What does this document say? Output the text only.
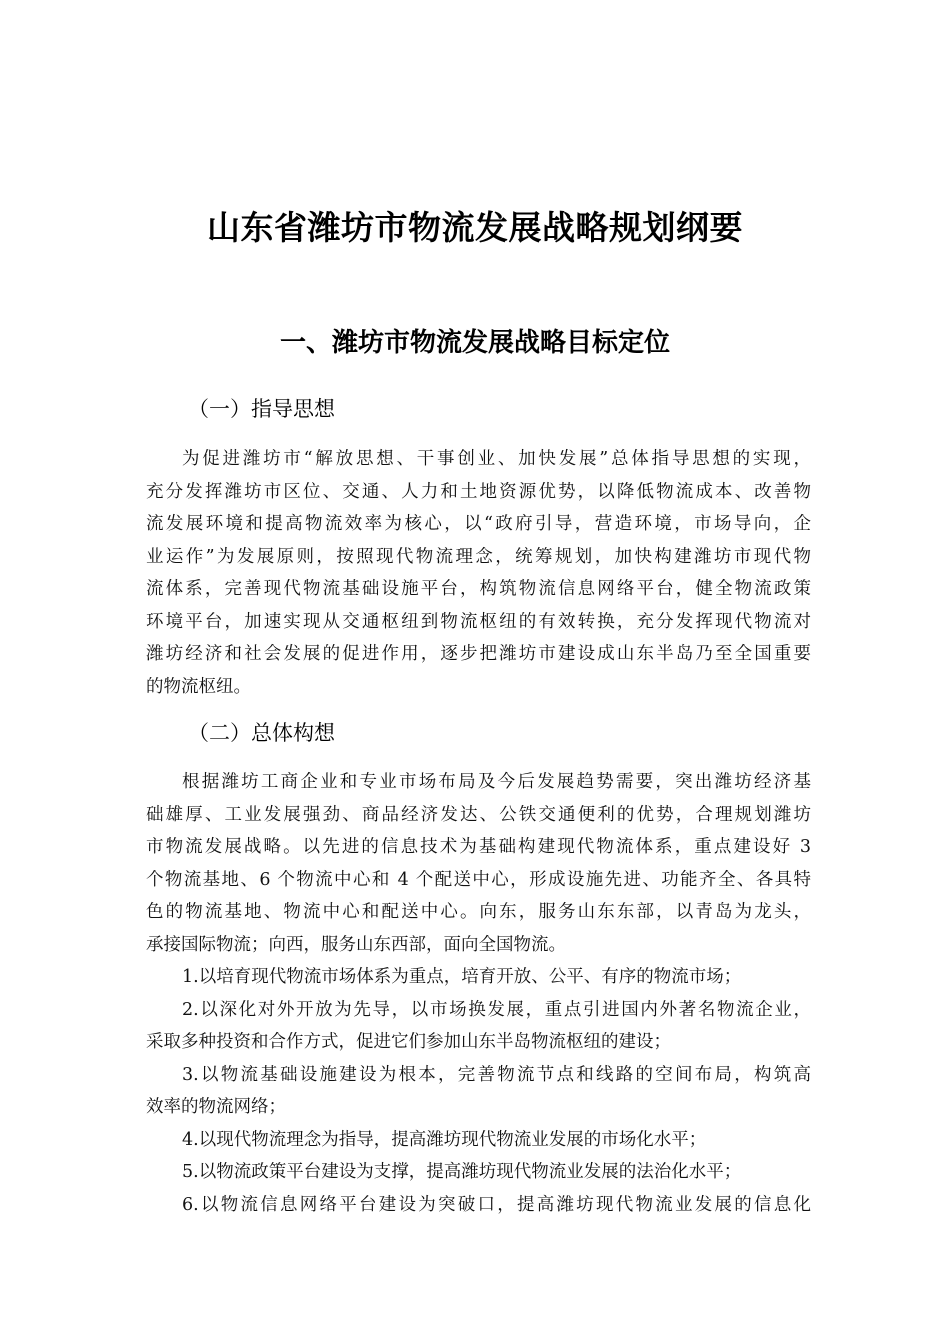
山东省潍坊市物流发展战略规划纲要
一、潍坊市物流发展战略目标定位
（一）指导思想
为促进潍坊市“解放思想、干事创业、加快发展”总体指导思想的实现，
充分发挥潍坊市区位、交通、人力和土地资源优势，以降低物流成本、改善物
流发展环境和提高物流效率为核心，以“政府引导，营造环境，市场导向，企
业运作”为发展原则，按照现代物流理念，统筹规划，加快构建潍坊市现代物
流体系，完善现代物流基础设施平台，构筑物流信息网络平台，健全物流政策
环境平台，加速实现从交通枢纽到物流枢纽的有效转换，充分发挥现代物流对
潍坊经济和社会发展的促进作用，逐步把潍坊市建设成山东半岛乃至全国重要
的物流枢纽。
（二）总体构想
根据潍坊工商企业和专业市场布局及今后发展趋势需要，突出潍坊经济基
础雄厚、工业发展强劲、商品经济发达、公铁交通便利的优势，合理规划潍坊
市物流发展战略。以先进的信息技术为基础构建现代物流体系，重点建设好 3
个物流基地、6 个物流中心和 4 个配送中心，形成设施先进、功能齐全、各具特
色的物流基地、物流中心和配送中心。向东，服务山东东部，以青岛为龙头，
承接国际物流；向西，服务山东西部，面向全国物流。
1.以培育现代物流市场体系为重点，培育开放、公平、有序的物流市场；
2.以深化对外开放为先导，以市场换发展，重点引进国内外著名物流企业，
采取多种投资和合作方式，促进它们参加山东半岛物流枢纽的建设；
3.以物流基础设施建设为根本，完善物流节点和线路的空间布局，构筑高
效率的物流网络；
4.以现代物流理念为指导，提高潍坊现代物流业发展的市场化水平；
5.以物流政策平台建设为支撑，提高潍坊现代物流业发展的法治化水平；
6.以物流信息网络平台建设为突破口，提高潍坊现代物流业发展的信息化
